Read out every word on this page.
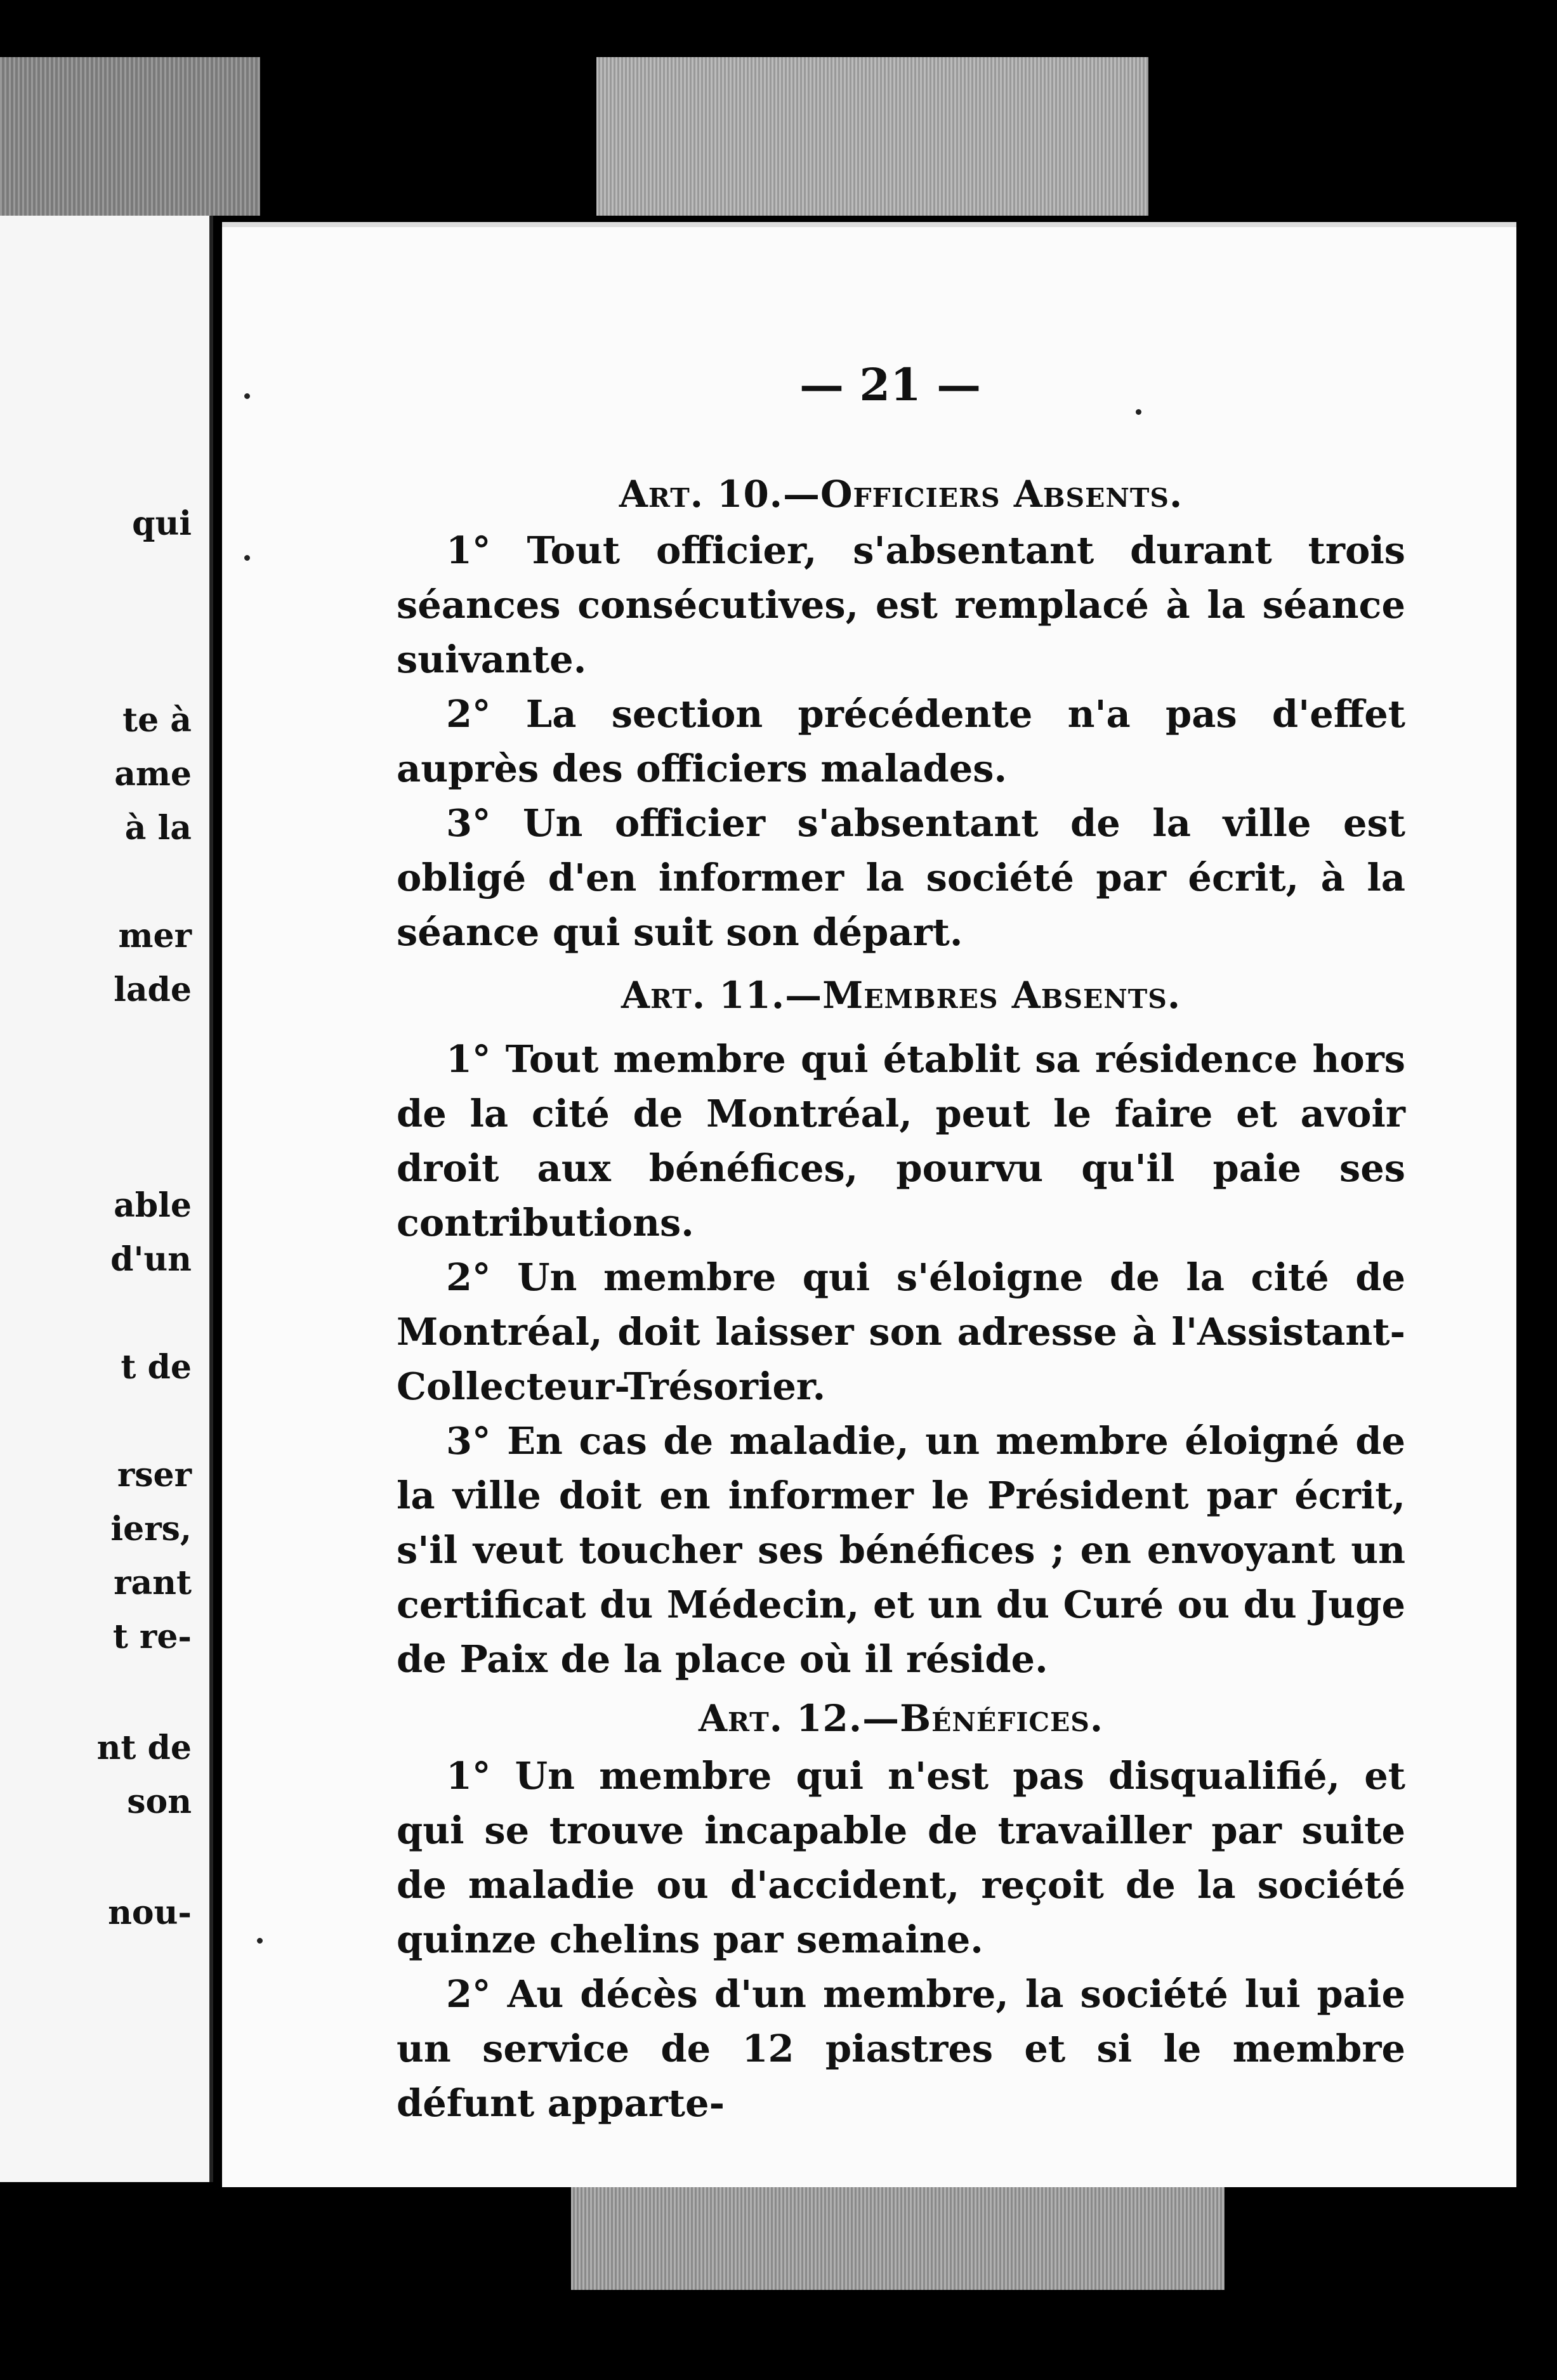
qui
te à
ame
à la
mer
lade
able
d'un
t de
rser
iers,
rant
t re-
nt de
son
nou-
— 21 —
Art. 10.—Officiers Absents.

1° Tout officier, s'absentant durant trois séances consécutives, est remplacé à la séance suivante.

2° La section précédente n'a pas d'effet auprès des officiers malades.

3° Un officier s'absentant de la ville est obligé d'en informer la société par écrit, à la séance qui suit son départ.

Art. 11.—Membres Absents.

1° Tout membre qui établit sa résidence hors de la cité de Montréal, peut le faire et avoir droit aux bénéfices, pourvu qu'il paie ses contributions.

2° Un membre qui s'éloigne de la cité de Montréal, doit laisser son adresse à l'Assistant-Collecteur-Trésorier.

3° En cas de maladie, un membre éloigné de la ville doit en informer le Président par écrit, s'il veut toucher ses bénéfices ; en envoyant un certificat du Médecin, et un du Curé ou du Juge de Paix de la place où il réside.

Art. 12.—Bénéfices.

1° Un membre qui n'est pas disqualifié, et qui se trouve incapable de travailler par suite de maladie ou d'accident, reçoit de la société quinze chelins par semaine.

2° Au décès d'un membre, la société lui paie un service de 12 piastres et si le membre défunt apparte-
